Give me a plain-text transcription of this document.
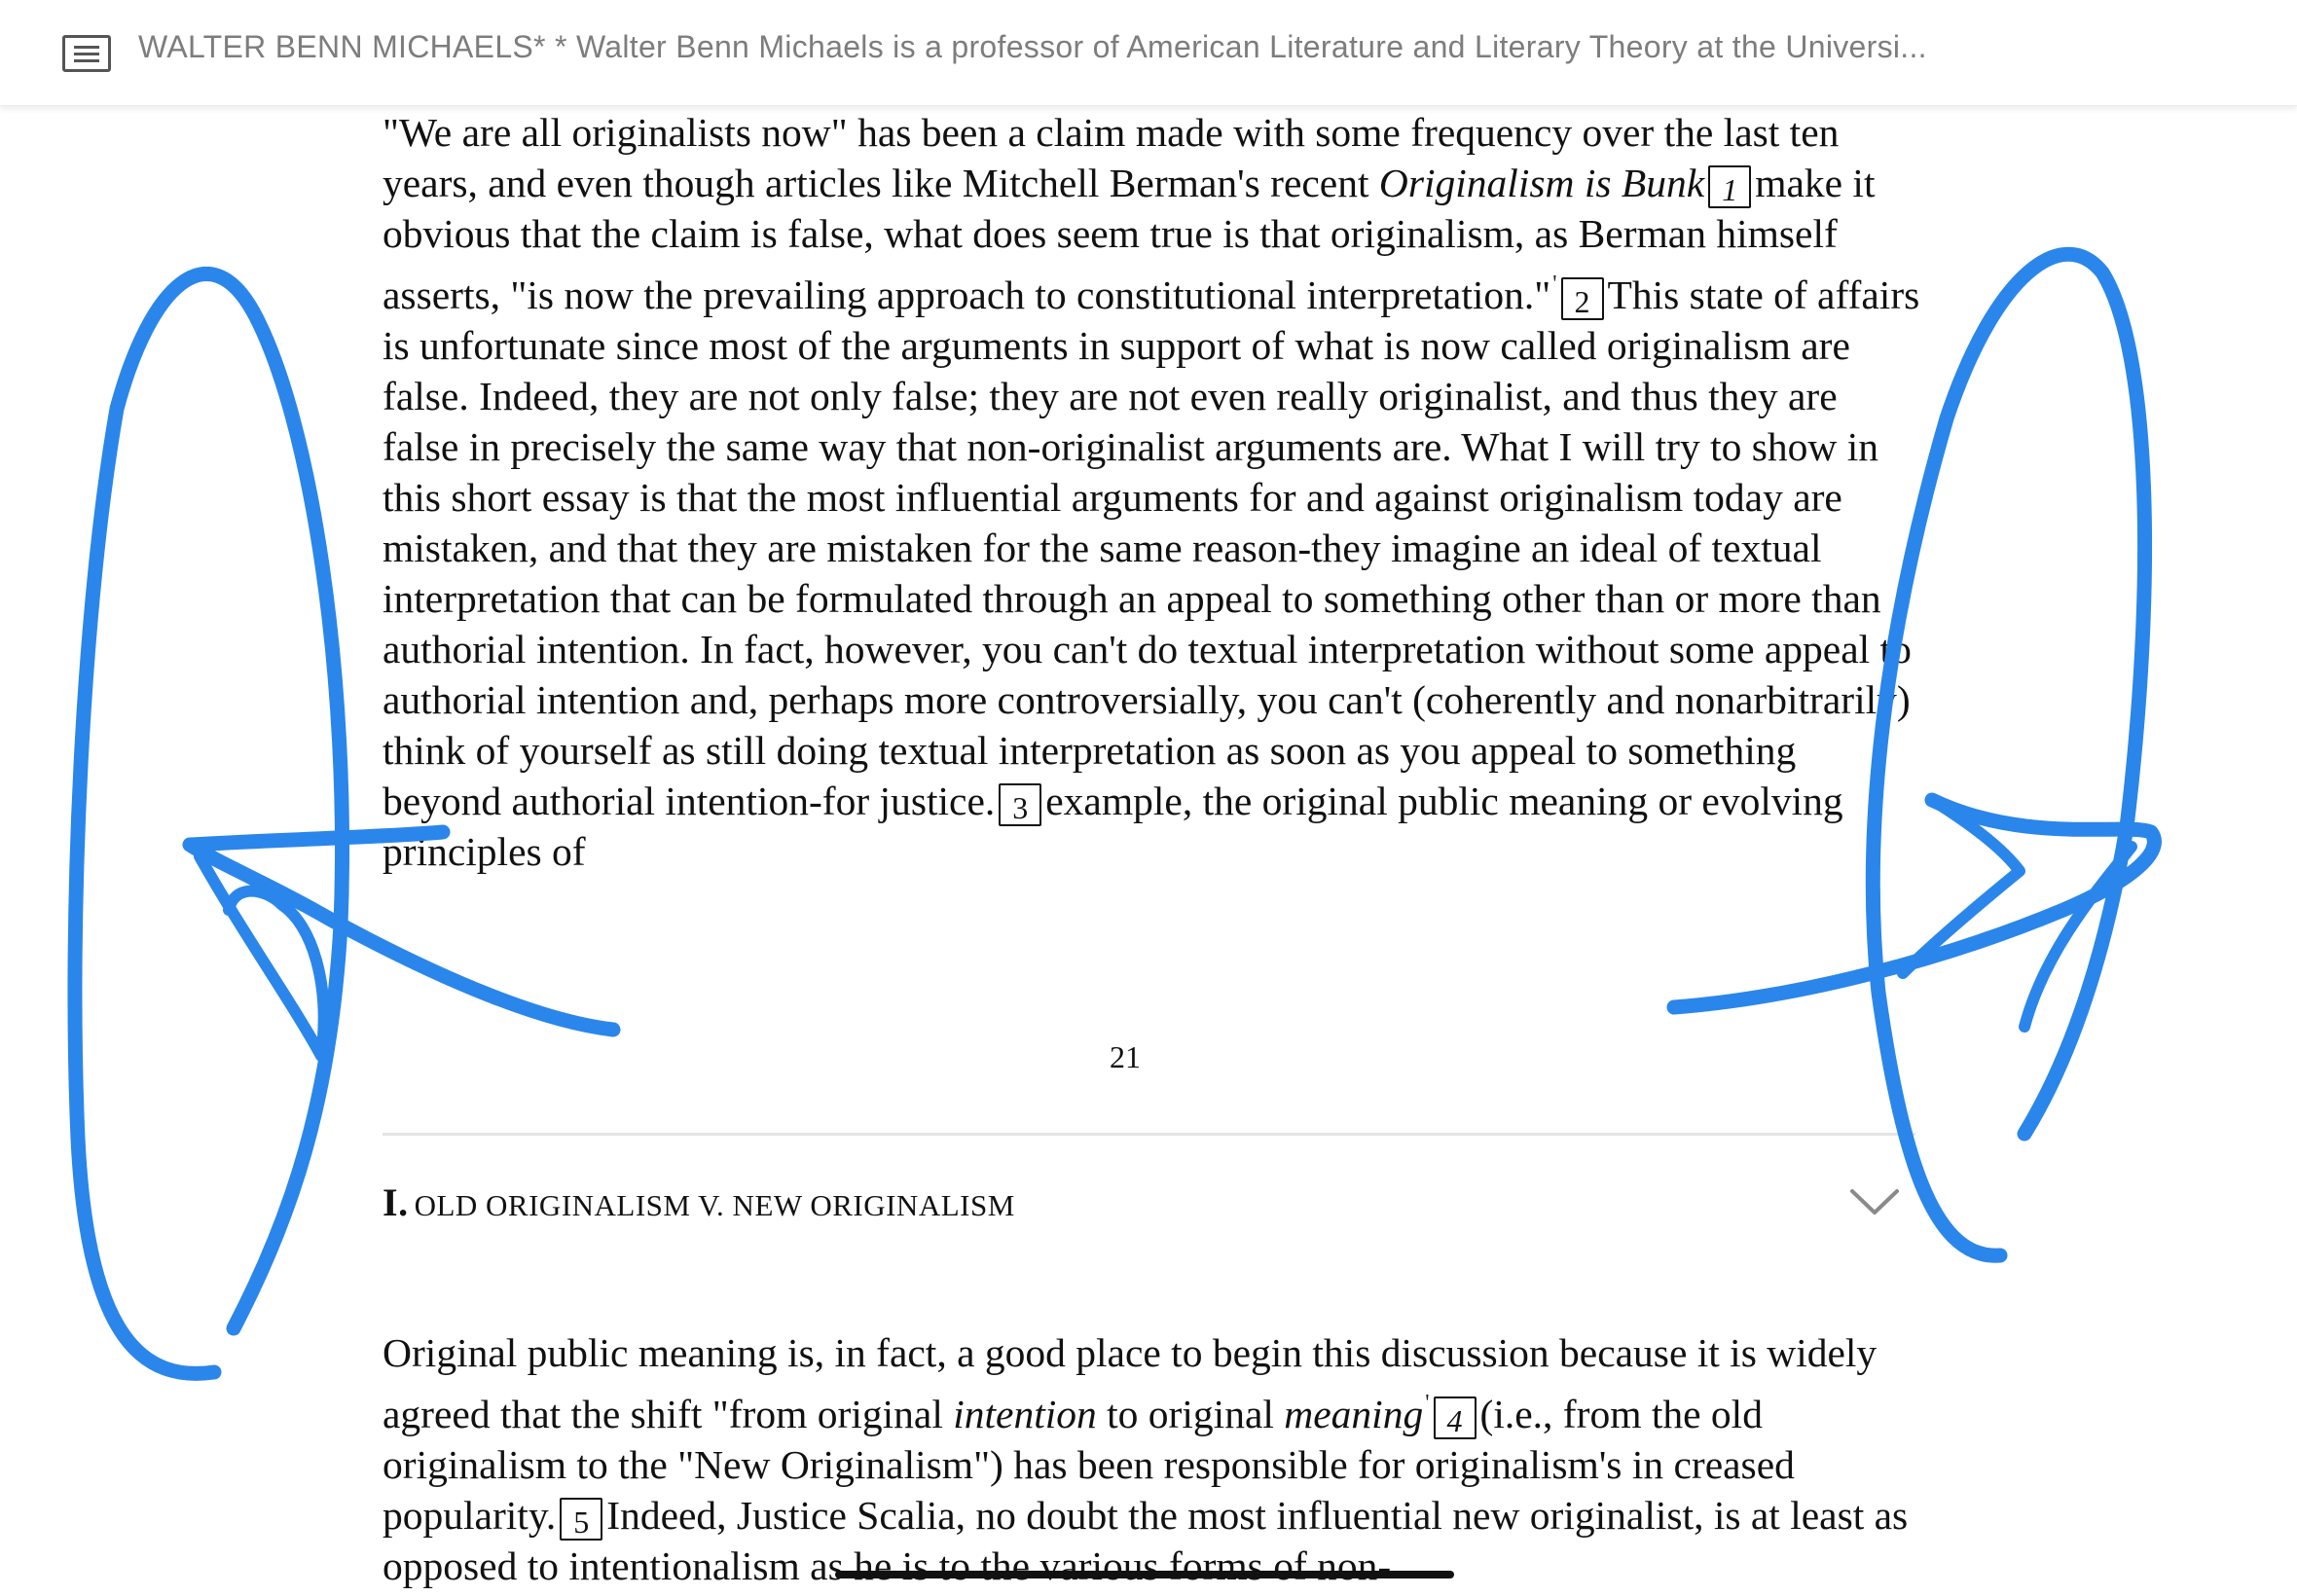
WALTER BENN MICHAELS* * Walter Benn Michaels is a professor of American Literature and Literary Theory at the Universi...

"We are all originalists now" has been a claim made with some frequency over the last ten years, and even though articles like Mitchell Berman's recent Originalism is Bunk 1 make it obvious that the claim is false, what does seem true is that originalism, as Berman himself asserts, "is now the prevailing approach to constitutional interpretation."' 2 This state of affairs is unfortunate since most of the arguments in support of what is now called originalism are false. Indeed, they are not only false; they are not even really originalist, and thus they are false in precisely the same way that non-originalist arguments are. What I will try to show in this short essay is that the most influential arguments for and against originalism today are mistaken, and that they are mistaken for the same reason-they imagine an ideal of textual interpretation that can be formulated through an appeal to something other than or more than authorial intention. In fact, however, you can't do textual interpretation without some appeal to authorial intention and, perhaps more controversially, you can't (coherently and nonarbitrarily) think of yourself as still doing textual interpretation as soon as you appeal to something beyond authorial intention-for justice. 3 example, the original public meaning or evolving principles of

21
I. OLD ORIGINALISM V. NEW ORIGINALISM

Original public meaning is, in fact, a good place to begin this discussion because it is widely agreed that the shift "from original intention to original meaning' 4 (i.e., from the old originalism to the "New Originalism") has been responsible for originalism's in creased popularity. 5 Indeed, Justice Scalia, no doubt the most influential new originalist, is at least as opposed to intentionalism as he is to the various forms of non-
